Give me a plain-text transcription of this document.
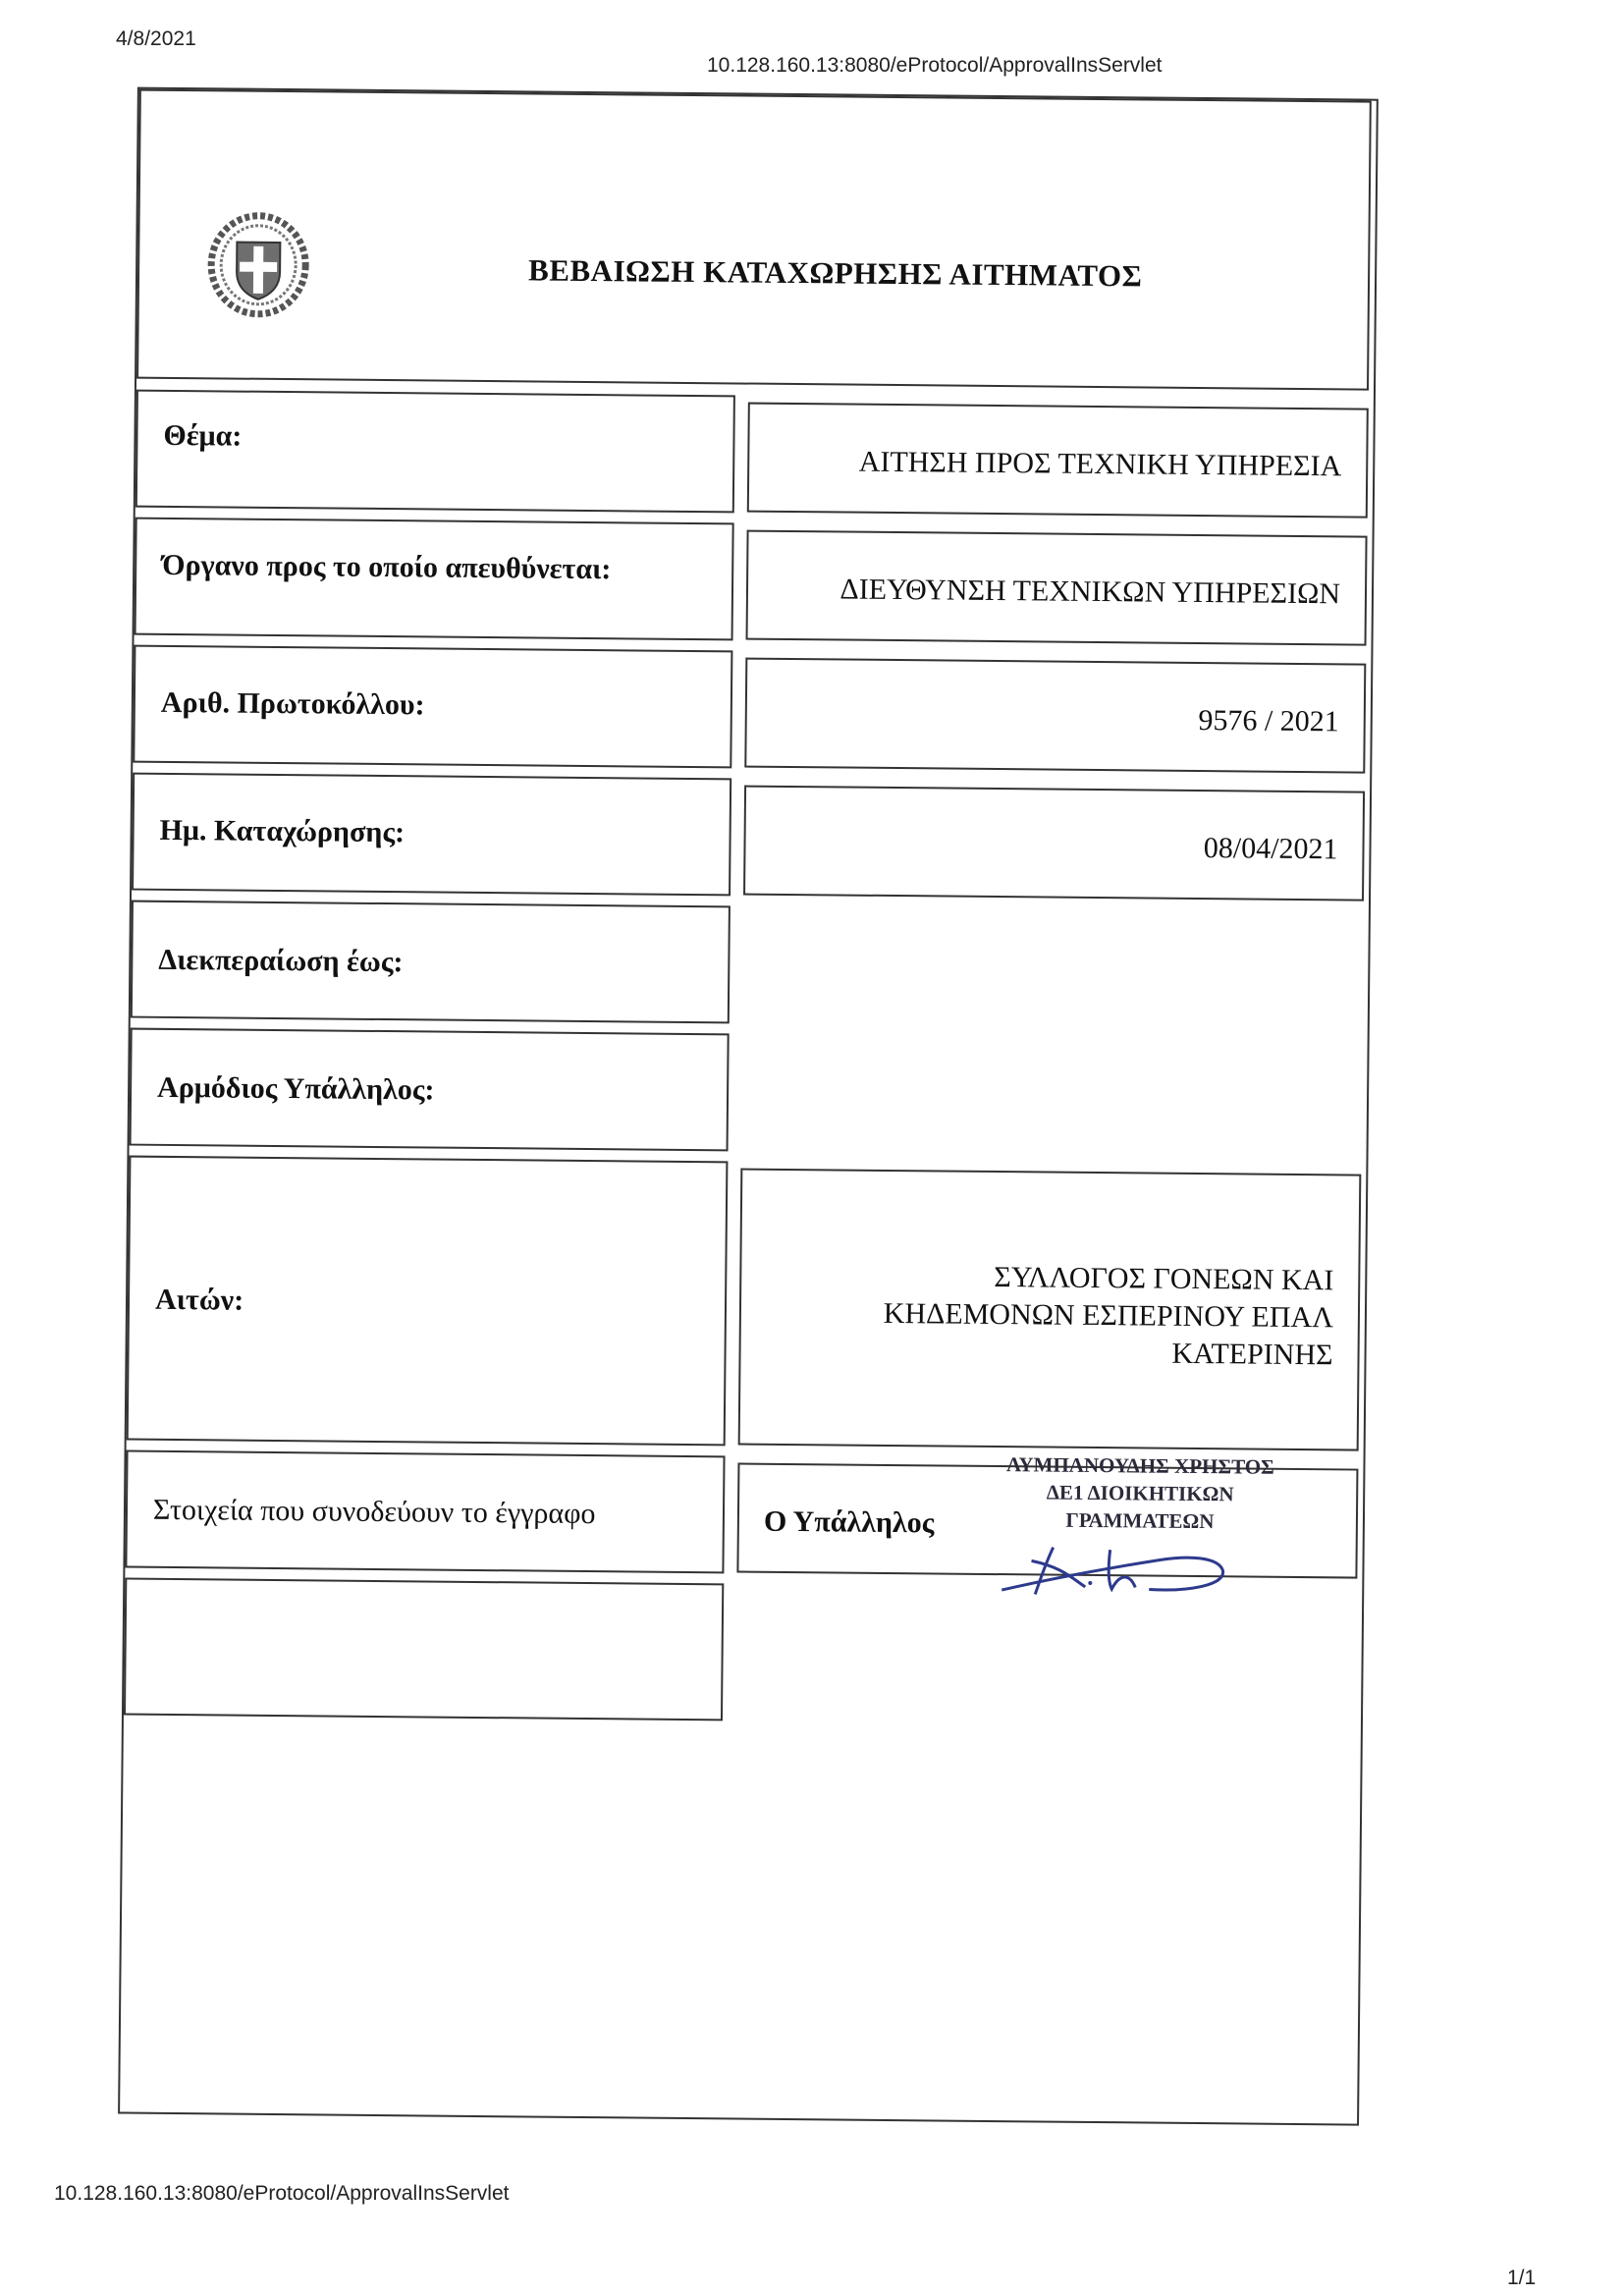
4/8/2021
10.128.160.13:8080/eProtocol/ApprovalInsServlet
ΒΕΒΑΙΩΣΗ ΚΑΤΑΧΩΡΗΣΗΣ ΑΙΤΗΜΑΤΟΣ
Θέμα:
ΑΙΤΗΣΗ ΠΡΟΣ ΤΕΧΝΙΚΗ ΥΠΗΡΕΣΙΑ
Όργανο προς το οποίο απευθύνεται:
ΔΙΕΥΘΥΝΣΗ ΤΕΧΝΙΚΩΝ ΥΠΗΡΕΣΙΩΝ
Αριθ. Πρωτοκόλλου:	9576 / 2021
Ημ. Καταχώρησης:	08/04/2021
Διεκπεραίωση έως:
Αρμόδιος Υπάλληλος:
Αιτών:
ΣΥΛΛΟΓΟΣ ΓΟΝΕΩΝ ΚΑΙ
ΚΗΔΕΜΟΝΩΝ ΕΣΠΕΡΙΝΟΥ ΕΠΑΛ
ΚΑΤΕΡΙΝΗΣ
Στοιχεία που συνοδεύουν το έγγραφο	Ο Υπάλληλος
ΛΥΜΠΑΝΟΥΔΗΣ ΧΡΗΣΤΟΣ
ΔΕ1 ΔΙΟΙΚΗΤΙΚΩΝ
ΓΡΑΜΜΑΤΕΩΝ
10.128.160.13:8080/eProtocol/ApprovalInsServlet
1/1
